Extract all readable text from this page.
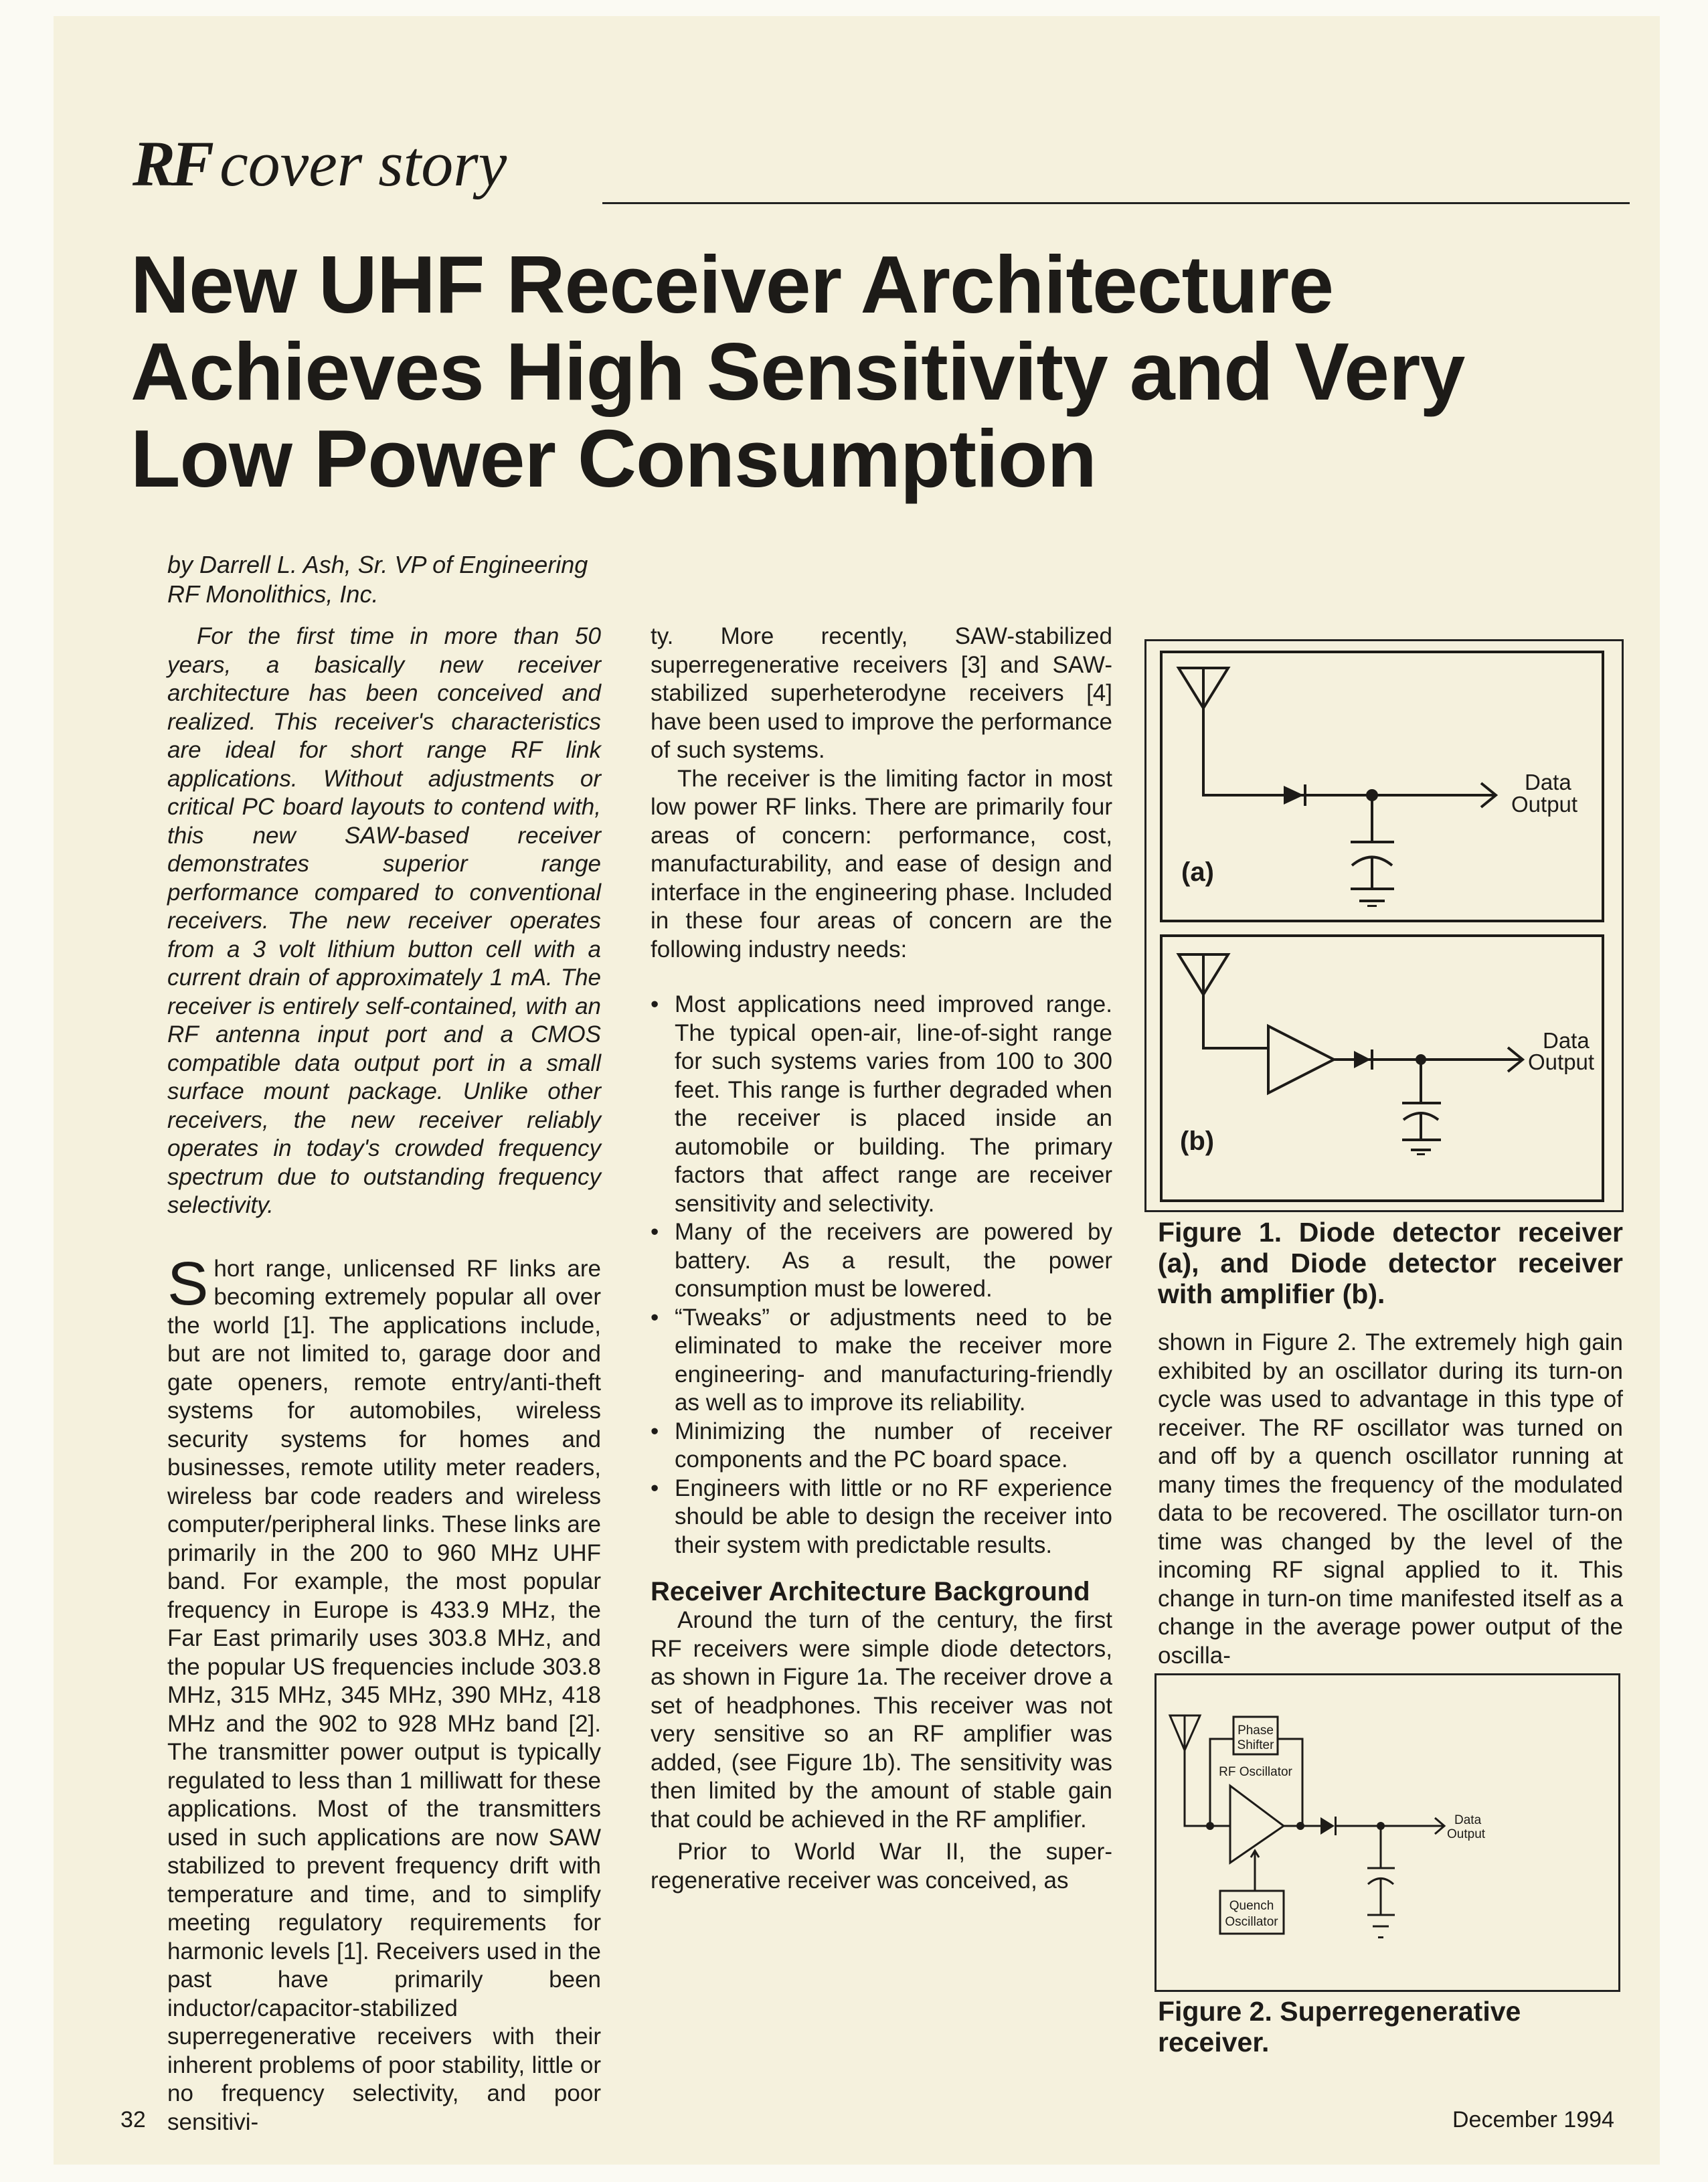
RF cover story
New UHF Receiver Architecture Achieves High Sensitivity and Very Low Power Consumption
by Darrell L. Ash, Sr. VP of Engineering
RF Monolithics, Inc.

For the first time in more than 50 years, a basically new receiver architecture has been conceived and realized. This receiver's characteristics are ideal for short range RF link applications. Without adjustments or critical PC board layouts to contend with, this new SAW-based receiver demonstrates superior range performance compared to conventional receivers. The new receiver operates from a 3 volt lithium button cell with a current drain of approximately 1 mA. The receiver is entirely self-contained, with an RF antenna input port and a CMOS compatible data output port in a small surface mount package. Unlike other receivers, the new receiver reliably operates in today's crowded frequency spectrum due to outstanding frequency selectivity.

Short range, unlicensed RF links are becoming extremely popular all over the world [1]. The applications include, but are not limited to, garage door and gate openers, remote entry/anti-theft systems for automobiles, wireless security systems for homes and businesses, remote utility meter readers, wireless bar code readers and wireless computer/peripheral links. These links are primarily in the 200 to 960 MHz UHF band. For example, the most popular frequency in Europe is 433.9 MHz, the Far East primarily uses 303.8 MHz, and the popular US frequencies include 303.8 MHz, 315 MHz, 345 MHz, 390 MHz, 418 MHz and the 902 to 928 MHz band [2]. The transmitter power output is typically regulated to less than 1 milliwatt for these applications. Most of the transmitters used in such applications are now SAW stabilized to prevent frequency drift with temperature and time, and to simplify meeting regulatory requirements for harmonic levels [1]. Receivers used in the past have primarily been inductor/capacitor-stabilized superregenerative receivers with their inherent problems of poor stability, little or no frequency selectivity, and poor sensitivi-

ty. More recently, SAW-stabilized superregenerative receivers [3] and SAW-stabilized superheterodyne receivers [4] have been used to improve the performance of such systems.

The receiver is the limiting factor in most low power RF links. There are primarily four areas of concern: performance, cost, manufacturability, and ease of design and interface in the engineering phase. Included in these four areas of concern are the following industry needs:

• Most applications need improved range. The typical open-air, line-of-sight range for such systems varies from 100 to 300 feet. This range is further degraded when the receiver is placed inside an automobile or building. The primary factors that affect range are receiver sensitivity and selectivity.
• Many of the receivers are powered by battery. As a result, the power consumption must be lowered.
• “Tweaks” or adjustments need to be eliminated to make the receiver more engineering- and manufacturing-friendly as well as to improve its reliability.
• Minimizing the number of receiver components and the PC board space.
• Engineers with little or no RF experience should be able to design the receiver into their system with predictable results.
Receiver Architecture Background

Around the turn of the century, the first RF receivers were simple diode detectors, as shown in Figure 1a. The receiver drove a set of headphones. This receiver was not very sensitive so an RF amplifier was added, (see Figure 1b). The sensitivity was then limited by the amount of stable gain that could be achieved in the RF amplifier.

Prior to World War II, the super-regenerative receiver was conceived, as

(a)
(b)
Data
Output
Data
Output
Figure 1. Diode detector receiver (a), and Diode detector receiver with amplifier (b).

shown in Figure 2. The extremely high gain exhibited by an oscillator during its turn-on cycle was used to advantage in this type of receiver. The RF oscillator was turned on and off by a quench oscillator running at many times the frequency of the modulated data to be recovered. The oscillator turn-on time was changed by the level of the incoming RF signal applied to it. This change in turn-on time manifested itself as a change in the average power output of the oscilla-

Phase
Shifter
RF Oscillator
Quench
Oscillator
Data
Output
Figure 2. Superregenerative receiver.
32	December 1994
